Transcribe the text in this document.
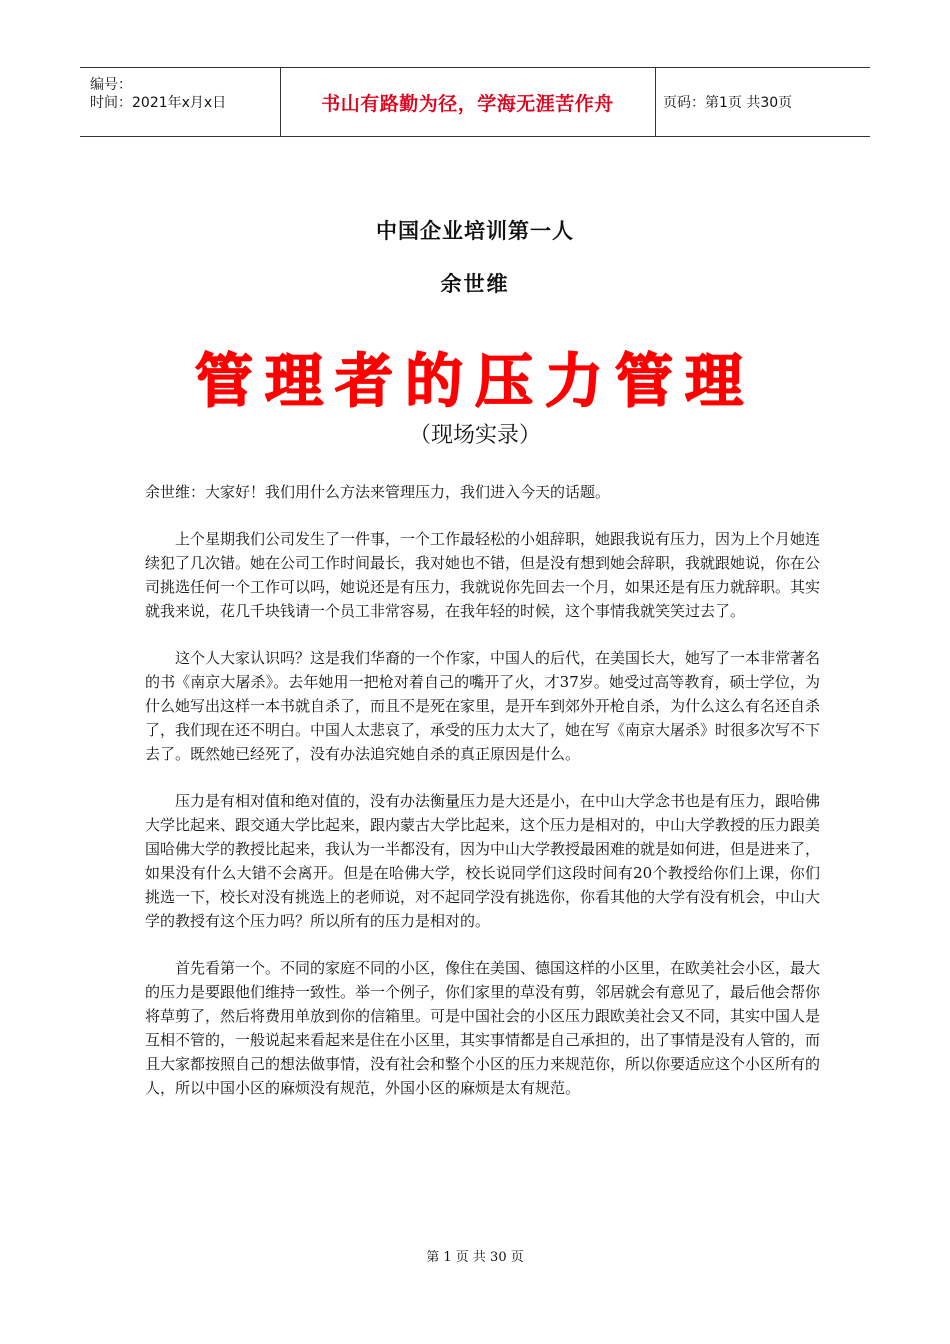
编号：
时间：2021年x月x日	书山有路勤为径，学海无涯苦作舟	页码：第1页 共30页
中国企业培训第一人
余世维
管理者的压力管理
（现场实录）

余世维：大家好！我们用什么方法来管理压力，我们进入今天的话题。

上个星期我们公司发生了一件事，一个工作最轻松的小姐辞职，她跟我说有压力，因为上个月她连续犯了几次错。她在公司工作时间最长，我对她也不错，但是没有想到她会辞职，我就跟她说，你在公司挑选任何一个工作可以吗，她说还是有压力，我就说你先回去一个月，如果还是有压力就辞职。其实就我来说，花几千块钱请一个员工非常容易，在我年轻的时候，这个事情我就笑笑过去了。

这个人大家认识吗？这是我们华裔的一个作家，中国人的后代，在美国长大，她写了一本非常著名的书《南京大屠杀》。去年她用一把枪对着自己的嘴开了火，才37岁。她受过高等教育，硕士学位，为什么她写出这样一本书就自杀了，而且不是死在家里，是开车到郊外开枪自杀，为什么这么有名还自杀了，我们现在还不明白。中国人太悲哀了，承受的压力太大了，她在写《南京大屠杀》时很多次写不下去了。既然她已经死了，没有办法追究她自杀的真正原因是什么。

压力是有相对值和绝对值的，没有办法衡量压力是大还是小，在中山大学念书也是有压力，跟哈佛大学比起来、跟交通大学比起来，跟内蒙古大学比起来，这个压力是相对的，中山大学教授的压力跟美国哈佛大学的教授比起来，我认为一半都没有，因为中山大学教授最困难的就是如何进，但是进来了，如果没有什么大错不会离开。但是在哈佛大学，校长说同学们这段时间有20个教授给你们上课，你们挑选一下，校长对没有挑选上的老师说，对不起同学没有挑选你，你看其他的大学有没有机会，中山大学的教授有这个压力吗？所以所有的压力是相对的。

首先看第一个。不同的家庭不同的小区，像住在美国、德国这样的小区里，在欧美社会小区，最大的压力是要跟他们维持一致性。举一个例子，你们家里的草没有剪，邻居就会有意见了，最后他会帮你将草剪了，然后将费用单放到你的信箱里。可是中国社会的小区压力跟欧美社会又不同，其实中国人是互相不管的，一般说起来看起来是住在小区里，其实事情都是自己承担的，出了事情是没有人管的，而且大家都按照自己的想法做事情，没有社会和整个小区的压力来规范你，所以你要适应这个小区所有的人，所以中国小区的麻烦没有规范，外国小区的麻烦是太有规范。

第 1 页 共 30 页
